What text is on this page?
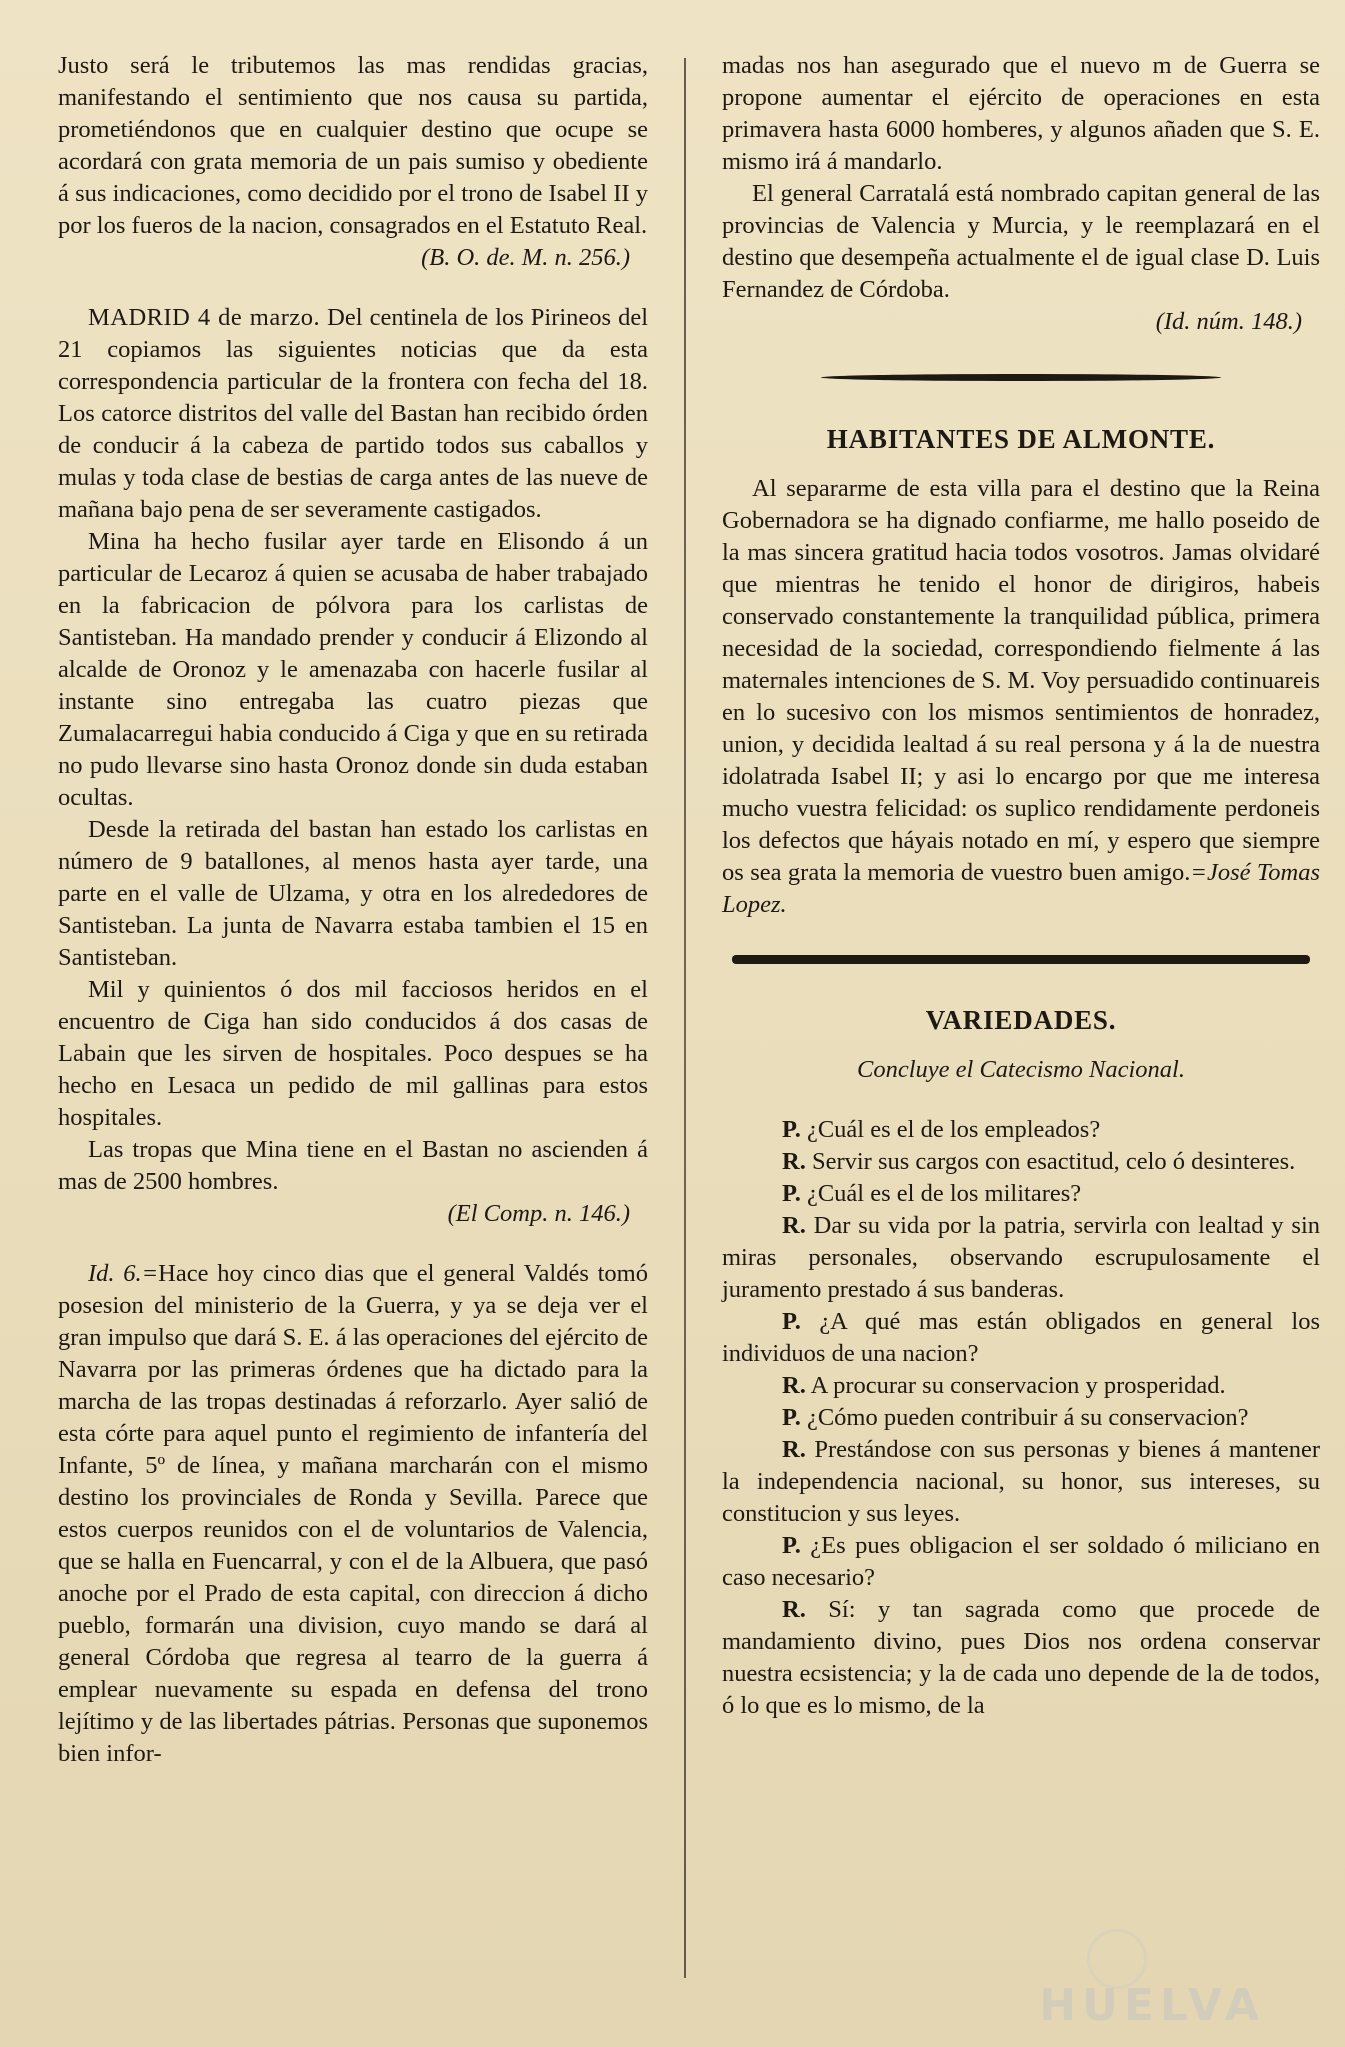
Justo será le tributemos las mas rendidas gracias, manifestando el sentimiento que nos causa su partida, prometiéndonos que en cualquier destino que ocupe se acordará con grata memoria de un pais sumiso y obediente á sus indicaciones, como decidido por el trono de Isabel II y por los fueros de la nacion, consagrados en el Estatuto Real.

(B. O. de. M. n. 256.)

MADRID 4 de marzo. Del centinela de los Pirineos del 21 copiamos las siguientes noticias que da esta correspondencia particular de la frontera con fecha del 18. Los catorce distritos del valle del Bastan han recibido órden de conducir á la cabeza de partido todos sus caballos y mulas y toda clase de bestias de carga antes de las nueve de mañana bajo pena de ser severamente castigados.

Mina ha hecho fusilar ayer tarde en Elisondo á un particular de Lecaroz á quien se acusaba de haber trabajado en la fabricacion de pólvora para los carlistas de Santisteban. Ha mandado prender y conducir á Elizondo al alcalde de Oronoz y le amenazaba con hacerle fusilar al instante sino entregaba las cuatro piezas que Zumalacarregui habia conducido á Ciga y que en su retirada no pudo llevarse sino hasta Oronoz donde sin duda estaban ocultas.

Desde la retirada del bastan han estado los carlistas en número de 9 batallones, al menos hasta ayer tarde, una parte en el valle de Ulzama, y otra en los alrededores de Santisteban. La junta de Navarra estaba tambien el 15 en Santisteban.

Mil y quinientos ó dos mil facciosos heridos en el encuentro de Ciga han sido conducidos á dos casas de Labain que les sirven de hospitales. Poco despues se ha hecho en Lesaca un pedido de mil gallinas para estos hospitales.

Las tropas que Mina tiene en el Bastan no ascienden á mas de 2500 hombres.

(El Comp. n. 146.)

Id. 6.=Hace hoy cinco dias que el general Valdés tomó posesion del ministerio de la Guerra, y ya se deja ver el gran impulso que dará S. E. á las operaciones del ejército de Navarra por las primeras órdenes que ha dictado para la marcha de las tropas destinadas á reforzarlo. Ayer salió de esta córte para aquel punto el regimiento de infantería del Infante, 5º de línea, y mañana marcharán con el mismo destino los provinciales de Ronda y Sevilla. Parece que estos cuerpos reunidos con el de voluntarios de Valencia, que se halla en Fuencarral, y con el de la Albuera, que pasó anoche por el Prado de esta capital, con direccion á dicho pueblo, formarán una division, cuyo mando se dará al general Córdoba que regresa al tearro de la guerra á emplear nuevamente su espada en defensa del trono lejítimo y de las libertades pátrias. Personas que suponemos bien infor-

madas nos han asegurado que el nuevo m de Guerra se propone aumentar el ejército de operaciones en esta primavera hasta 6000 homberes, y algunos añaden que S. E. mismo irá á mandarlo.

El general Carratalá está nombrado capitan general de las provincias de Valencia y Murcia, y le reemplazará en el destino que desempeña actualmente el de igual clase D. Luis Fernandez de Córdoba.

(Id. núm. 148.)
HABITANTES DE ALMONTE.

Al separarme de esta villa para el destino que la Reina Gobernadora se ha dignado confiarme, me hallo poseido de la mas sincera gratitud hacia todos vosotros. Jamas olvidaré que mientras he tenido el honor de dirigiros, habeis conservado constantemente la tranquilidad pública, primera necesidad de la sociedad, correspondiendo fielmente á las maternales intenciones de S. M. Voy persuadido continuareis en lo sucesivo con los mismos sentimientos de honradez, union, y decidida lealtad á su real persona y á la de nuestra idolatrada Isabel II; y asi lo encargo por que me interesa mucho vuestra felicidad: os suplico rendidamente perdoneis los defectos que háyais notado en mí, y espero que siempre os sea grata la memoria de vuestro buen amigo.=José Tomas Lopez.

VARIEDADES.
Concluye el Catecismo Nacional.

P. ¿Cuál es el de los empleados?

R. Servir sus cargos con esactitud, celo ó desinteres.

P. ¿Cuál es el de los militares?

R. Dar su vida por la patria, servirla con lealtad y sin miras personales, observando escrupulosamente el juramento prestado á sus banderas.

P. ¿A qué mas están obligados en general los individuos de una nacion?

R. A procurar su conservacion y prosperidad.

P. ¿Cómo pueden contribuir á su conservacion?

R. Prestándose con sus personas y bienes á mantener la independencia nacional, su honor, sus intereses, su constitucion y sus leyes.

P. ¿Es pues obligacion el ser soldado ó miliciano en caso necesario?

R. Sí: y tan sagrada como que procede de mandamiento divino, pues Dios nos ordena conservar nuestra ecsistencia; y la de cada uno depende de la de todos, ó lo que es lo mismo, de la

HUELVA
